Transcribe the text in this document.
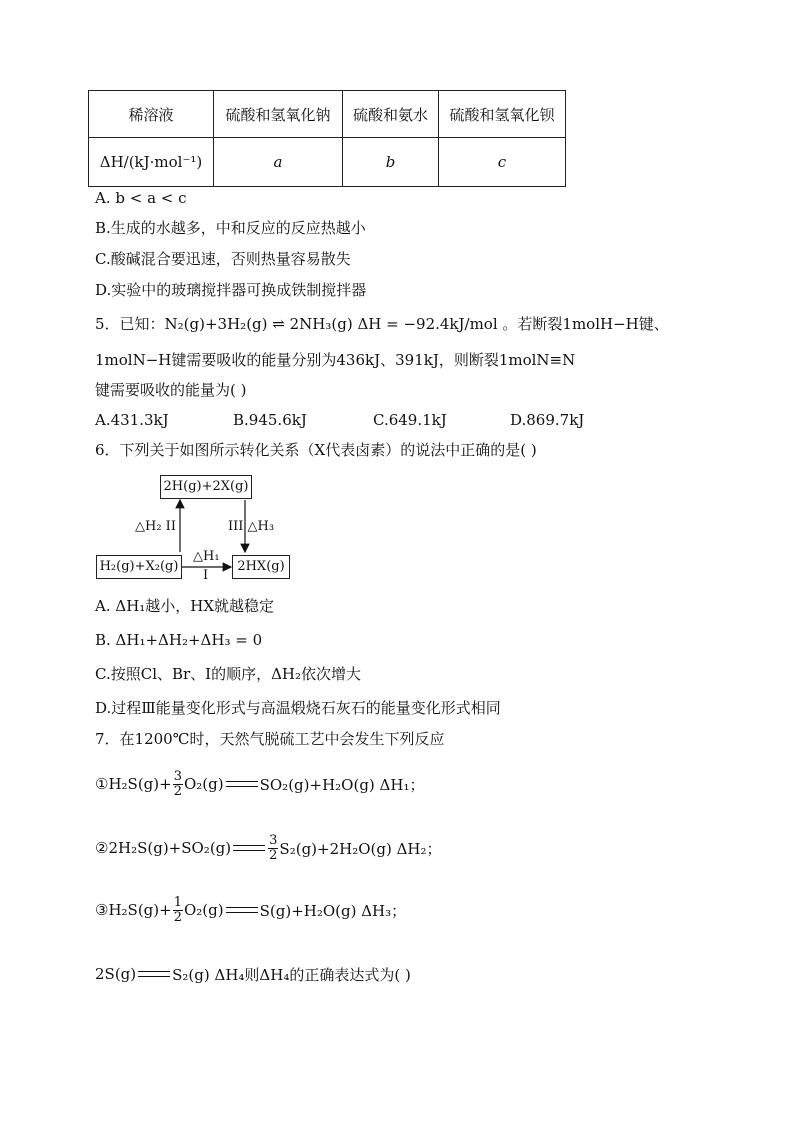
稀溶液	硫酸和氢氧化钠	硫酸和氨水	硫酸和氢氧化钡
ΔH/(kJ·mol⁻¹)	a	b	c
A. b < a < c
B.生成的水越多，中和反应的反应热越小
C.酸碱混合要迅速，否则热量容易散失
D.实验中的玻璃搅拌器可换成铁制搅拌器
5．已知：N₂(g)+3H₂(g) ⇌ 2NH₃(g) ΔH = −92.4kJ/mol 。若断裂1molH−H键、
1molN−H键需要吸收的能量分别为436kJ、391kJ，则断裂1molN≡N
键需要吸收的能量为( )
A.431.3kJ	B.945.6kJ	C.649.1kJ	D.869.7kJ
6．下列关于如图所示转化关系（X代表卤素）的说法中正确的是( )
2H(g)+2X(g)
H₂(g)+X₂(g)	2HX(g)
△H₂ II	III △H₃
△H₁
I
A. ΔH₁越小，HX就越稳定
B. ΔH₁+ΔH₂+ΔH₃ = 0
C.按照Cl、Br、I的顺序，ΔH₂依次增大
D.过程Ⅲ能量变化形式与高温煅烧石灰石的能量变化形式相同
7．在1200℃时，天然气脱硫工艺中会发生下列反应
①H₂S(g)+ $\frac{3}{2} O_2(g)$ SO₂(g)+H₂O(g) ΔH₁；
②2H₂S(g)+SO₂(g)	$\frac{3}{2} S_2(g)+2H_2O(g)$ ΔH₂；
③H₂S(g)+ $\frac{1}{2} O_2(g)$ S(g)+H₂O(g) ΔH₃；
2S(g) S₂(g) ΔH₄则ΔH₄的正确表达式为( )
